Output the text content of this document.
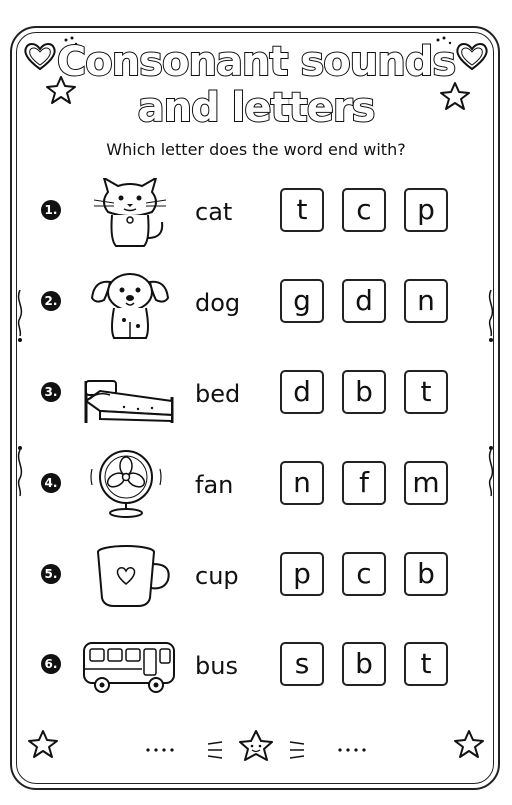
Consonant sounds
and letters
Which letter does the word end with?
1.	cat	t	c	p
2.	dog	g	d	n
3.	bed	d	b	t
4.	fan	n	f	m
5.	cup	p	c	b
6.	bus	s	b	t
